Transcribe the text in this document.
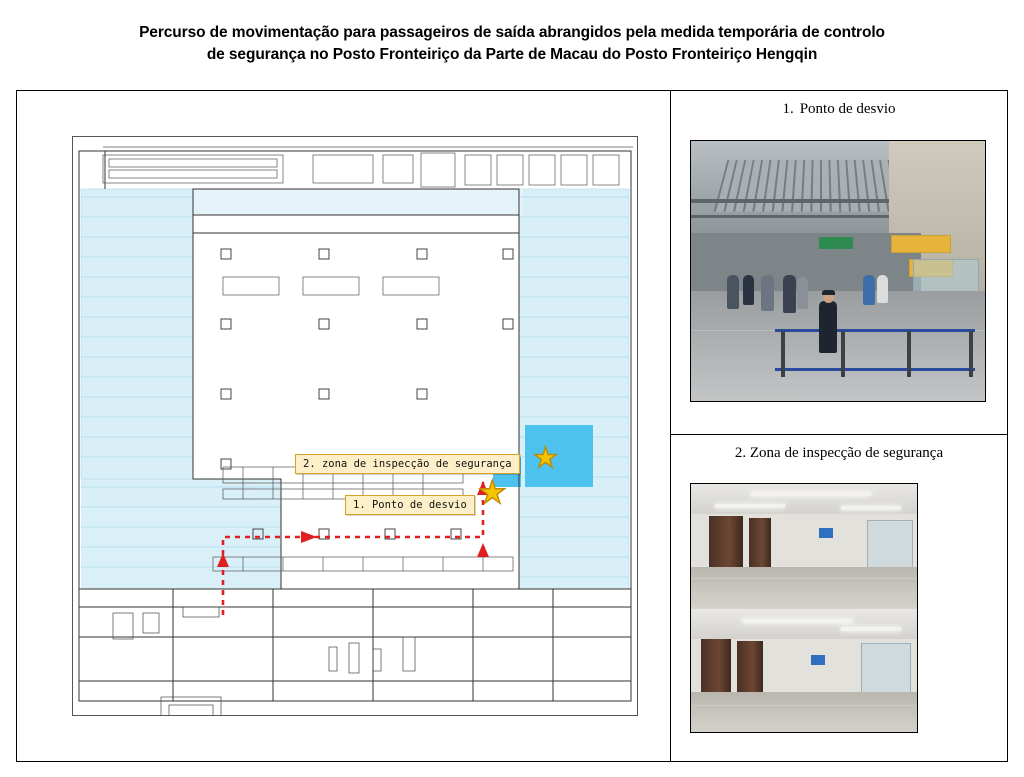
Percurso de movimentação para passageiros de saída abrangidos pela medida temporária de controlo
de segurança no Posto Fronteiriço da Parte de Macau do Posto Fronteiriço Hengqin
2. zona de inspecção de segurança
1. Ponto de desvio
★
★
1. Ponto de desvio
2. Zona de inspecção de segurança
